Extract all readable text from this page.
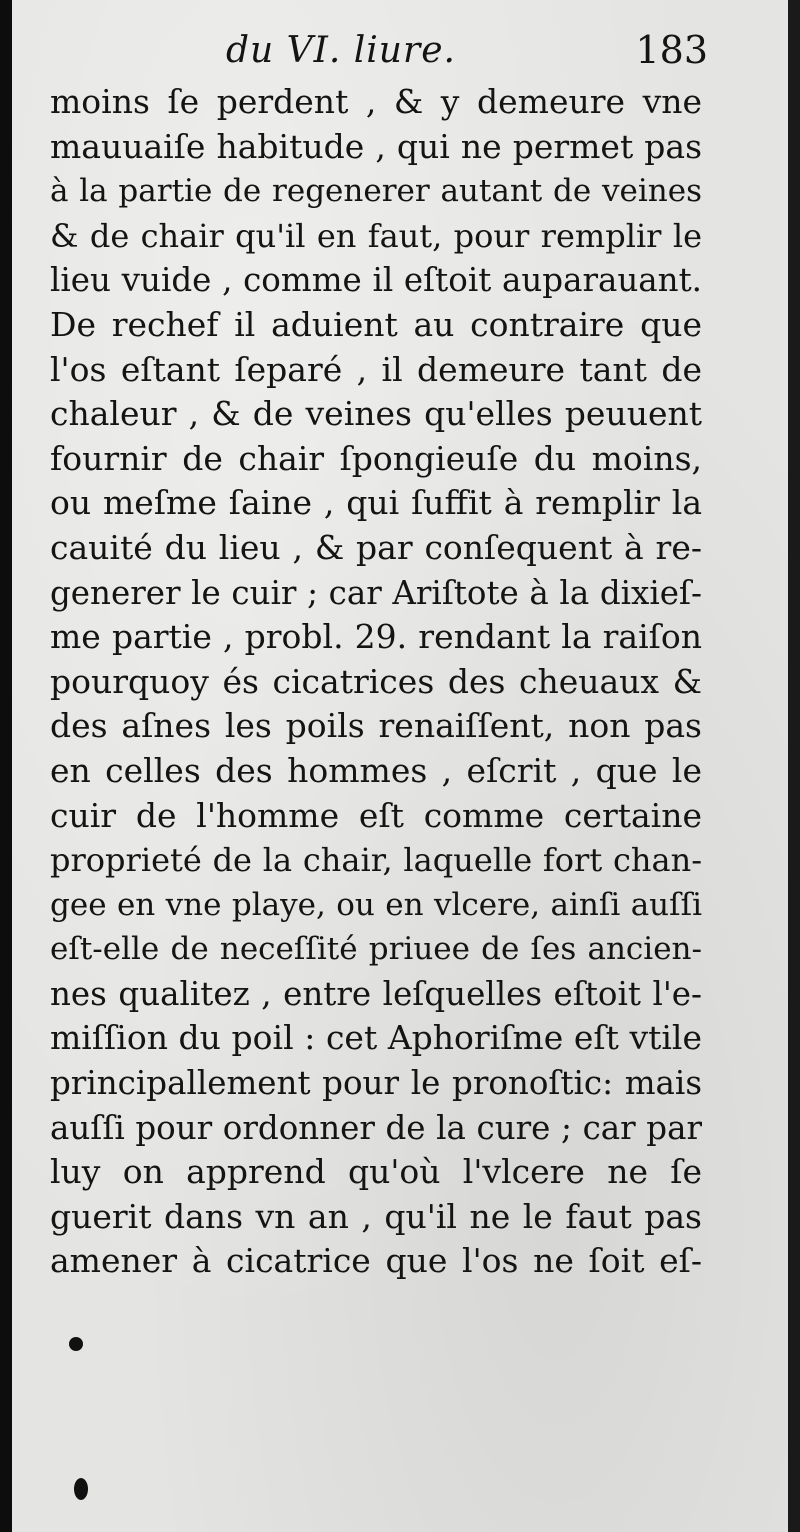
du VI. liure.	183
moins ſe perdent , & y demeure vne
mauuaiſe habitude , qui ne permet pas
à la partie de regenerer autant de veines
& de chair qu'il en faut, pour remplir le
lieu vuide , comme il eſtoit auparauant.
De rechef il aduient au contraire que
l'os eſtant ſeparé , il demeure tant de
chaleur , & de veines qu'elles peuuent
fournir de chair ſpongieuſe du moins,
ou meſme ſaine , qui ſuffit à remplir la
cauité du lieu , & par conſequent à re-
generer le cuir ; car Ariſtote à la dixieſ-
me partie , probl. 29. rendant la raiſon
pourquoy és cicatrices des cheuaux &
des aſnes les poils renaiſſent, non pas
en celles des hommes , eſcrit , que le
cuir de l'homme eſt comme certaine
proprieté de la chair, laquelle fort chan-
gee en vne playe, ou en vlcere, ainſi auſſi
eſt-elle de neceſſité priuee de ſes ancien-
nes qualitez , entre leſquelles eſtoit l'e-
miſſion du poil : cet Aphoriſme eſt vtile
principallement pour le pronoſtic: mais
auſſi pour ordonner de la cure ; car par
luy on apprend qu'où l'vlcere ne ſe
guerit dans vn an , qu'il ne le faut pas
amener à cicatrice que l'os ne ſoit eſ-
